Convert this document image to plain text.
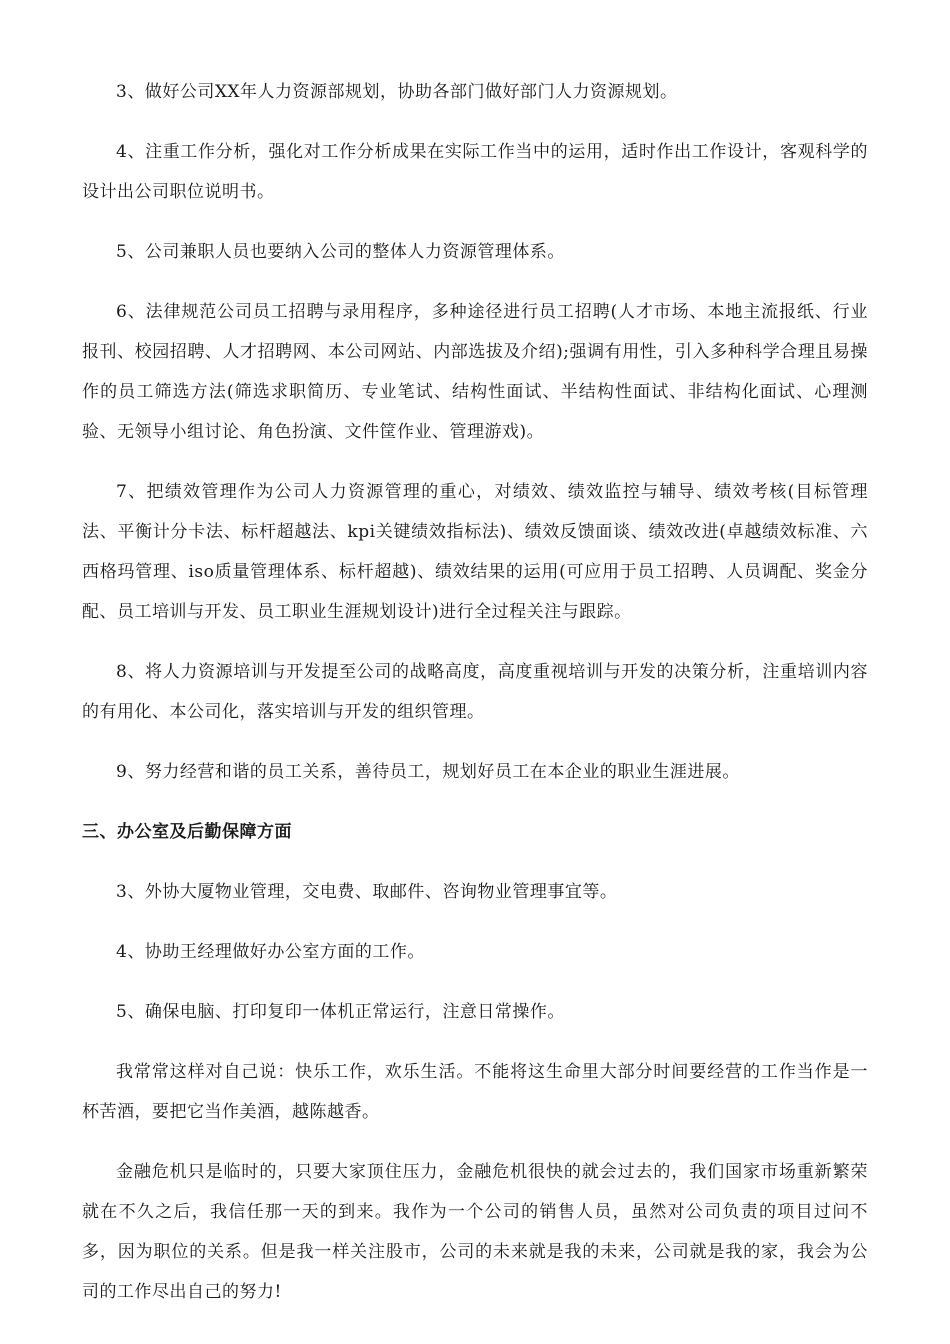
3、做好公司XX年人力资源部规划，协助各部门做好部门人力资源规划。

4、注重工作分析，强化对工作分析成果在实际工作当中的运用，适时作出工作设计，客观科学的设计出公司职位说明书。

5、公司兼职人员也要纳入公司的整体人力资源管理体系。

6、法律规范公司员工招聘与录用程序，多种途径进行员工招聘(人才市场、本地主流报纸、行业报刊、校园招聘、人才招聘网、本公司网站、内部选拔及介绍);强调有用性，引入多种科学合理且易操作的员工筛选方法(筛选求职简历、专业笔试、结构性面试、半结构性面试、非结构化面试、心理测验、无领导小组讨论、角色扮演、文件筐作业、管理游戏)。

7、把绩效管理作为公司人力资源管理的重心，对绩效、绩效监控与辅导、绩效考核(目标管理法、平衡计分卡法、标杆超越法、kpi关键绩效指标法)、绩效反馈面谈、绩效改进(卓越绩效标准、六西格玛管理、iso质量管理体系、标杆超越)、绩效结果的运用(可应用于员工招聘、人员调配、奖金分配、员工培训与开发、员工职业生涯规划设计)进行全过程关注与跟踪。

8、将人力资源培训与开发提至公司的战略高度，高度重视培训与开发的决策分析，注重培训内容的有用化、本公司化，落实培训与开发的组织管理。

9、努力经营和谐的员工关系，善待员工，规划好员工在本企业的职业生涯进展。

三、办公室及后勤保障方面

3、外协大厦物业管理，交电费、取邮件、咨询物业管理事宜等。

4、协助王经理做好办公室方面的工作。

5、确保电脑、打印复印一体机正常运行，注意日常操作。

我常常这样对自己说：快乐工作，欢乐生活。不能将这生命里大部分时间要经营的工作当作是一杯苦酒，要把它当作美酒，越陈越香。

金融危机只是临时的，只要大家顶住压力，金融危机很快的就会过去的，我们国家市场重新繁荣就在不久之后，我信任那一天的到来。我作为一个公司的销售人员，虽然对公司负责的项目过问不多，因为职位的关系。但是我一样关注股市，公司的未来就是我的未来，公司就是我的家，我会为公司的工作尽出自己的努力!
